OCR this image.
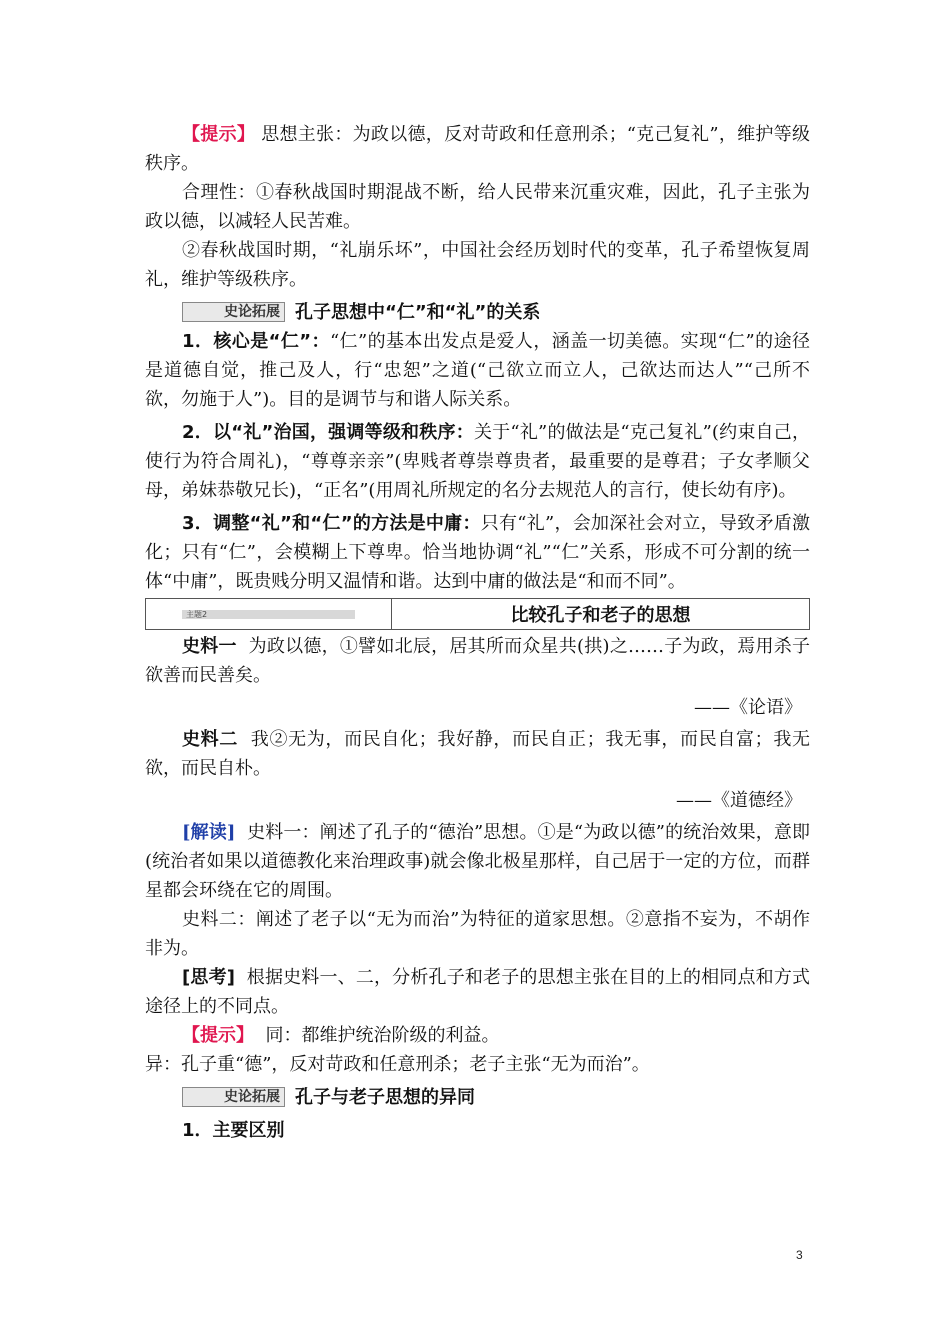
【提示】 思想主张：为政以德，反对苛政和任意刑杀；“克己复礼”，维护等级秩序。

合理性：①春秋战国时期混战不断，给人民带来沉重灾难，因此，孔子主张为政以德，以减轻人民苦难。

②春秋战国时期，“礼崩乐坏”，中国社会经历划时代的变革，孔子希望恢复周礼，维护等级秩序。

史论拓展 孔子思想中“仁”和“礼”的关系

1．核心是“仁”：“仁”的基本出发点是爱人，涵盖一切美德。实现“仁”的途径是道德自觉，推己及人，行“忠恕”之道(“己欲立而立人，己欲达而达人”“己所不欲，勿施于人”)。目的是调节与和谐人际关系。

2．以“礼”治国，强调等级和秩序：关于“礼”的做法是“克己复礼”(约束自己，使行为符合周礼)，“尊尊亲亲”(卑贱者尊崇尊贵者，最重要的是尊君；子女孝顺父母，弟妹恭敬兄长)，“正名”(用周礼所规定的名分去规范人的言行，使长幼有序)。

3．调整“礼”和“仁”的方法是中庸：只有“礼”，会加深社会对立，导致矛盾激化；只有“仁”，会模糊上下尊卑。恰当地协调“礼”“仁”关系，形成不可分割的统一体“中庸”，既贵贱分明又温情和谐。达到中庸的做法是“和而不同”。

主题2	比较孔子和老子的思想

史料一 为政以德，①譬如北辰，居其所而众星共(拱)之……子为政，焉用杀子欲善而民善矣。

——《论语》

史料二 我②无为，而民自化；我好静，而民自正；我无事，而民自富；我无欲，而民自朴。

——《道德经》

[解读] 史料一：阐述了孔子的“德治”思想。①是“为政以德”的统治效果，意即(统治者如果以道德教化来治理政事)就会像北极星那样，自己居于一定的方位，而群星都会环绕在它的周围。

史料二：阐述了老子以“无为而治”为特征的道家思想。②意指不妄为，不胡作非为。

[思考] 根据史料一、二，分析孔子和老子的思想主张在目的上的相同点和方式途径上的不同点。

【提示】 同：都维护统治阶级的利益。

异：孔子重“德”，反对苛政和任意刑杀；老子主张“无为而治”。

史论拓展 孔子与老子思想的异同

1．主要区别

3
